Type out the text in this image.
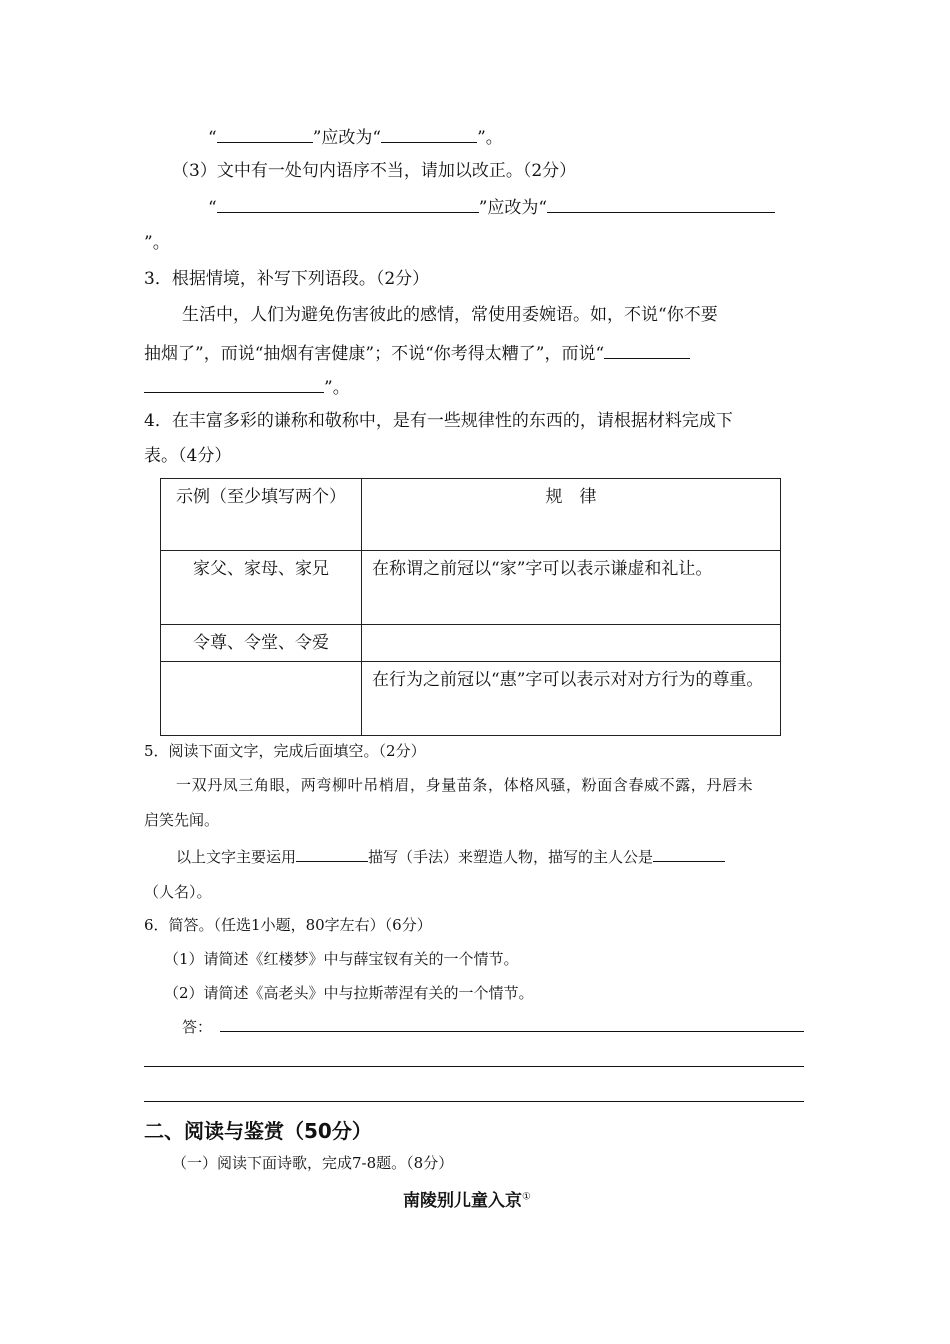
“	”应改为“	”。
（3）文中有一处句内语序不当，请加以改正。（2分）
“	”应改为“
”。
3．根据情境，补写下列语段。（2分）
生活中，人们为避免伤害彼此的感情，常使用委婉语。如，不说“你不要
抽烟了”，而说“抽烟有害健康”；不说“你考得太糟了”，而说“
”。
4．在丰富多彩的谦称和敬称中，是有一些规律性的东西的，请根据材料完成下
表。（4分）
示例（至少填写两个）	规　律
家父、家母、家兄	在称谓之前冠以“家”字可以表示谦虚和礼让。
令尊、令堂、令爱	
	在行为之前冠以“惠”字可以表示对对方行为的尊重。
5．阅读下面文字，完成后面填空。（2分）
一双丹凤三角眼，两弯柳叶吊梢眉，身量苗条，体格风骚，粉面含春威不露，丹唇未
启笑先闻。
以上文字主要运用	描写（手法）来塑造人物，描写的主人公是
（人名）。
6．简答。（任选1小题，80字左右）（6分）
（1）请简述《红楼梦》中与薛宝钗有关的一个情节。
（2）请简述《高老头》中与拉斯蒂涅有关的一个情节。
答：
二、阅读与鉴赏（50分）
（一）阅读下面诗歌，完成7-8题。（8分）
南陵别儿童入京①
